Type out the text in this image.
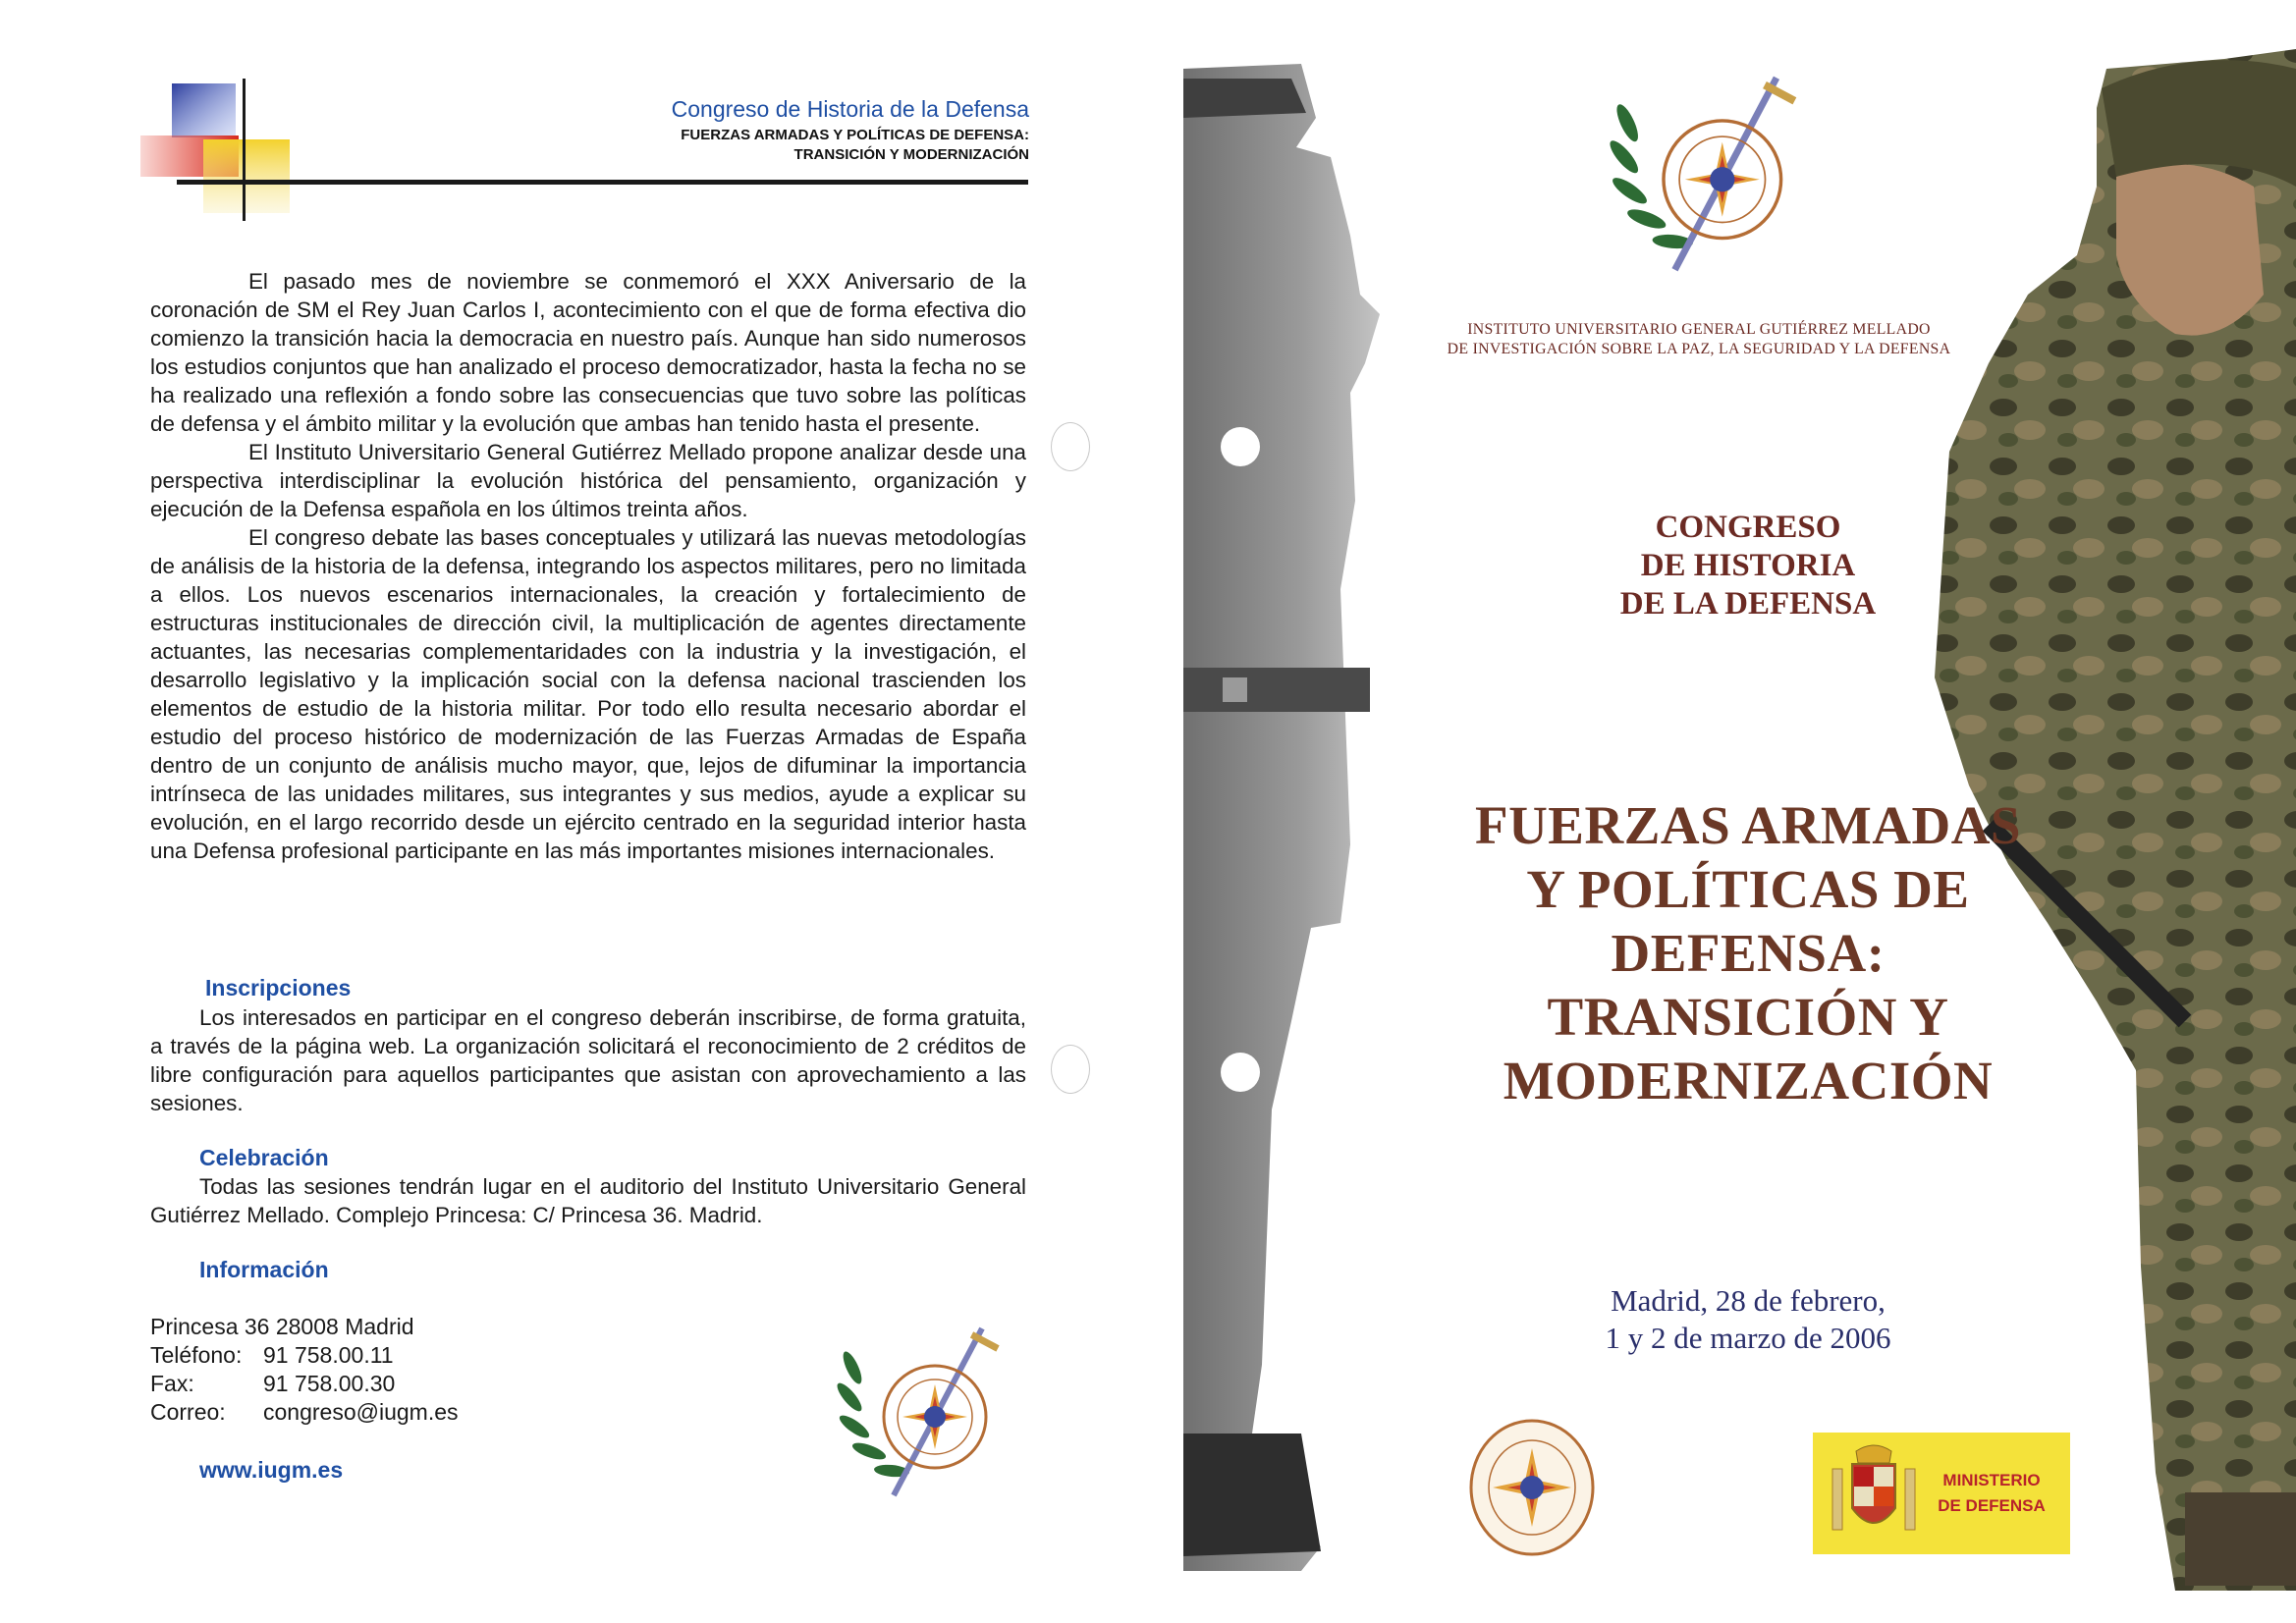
Congreso de Historia de la Defensa
FUERZAS ARMADAS Y POLÍTICAS DE DEFENSA:
TRANSICIÓN Y MODERNIZACIÓN

El pasado mes de noviembre se conmemoró el XXX Aniversario de la coronación de SM el Rey Juan Carlos I, acontecimiento con el que de forma efectiva dio comienzo la transición hacia la democracia en nuestro país. Aunque han sido numerosos los estudios conjuntos que han analizado el proceso democratizador, hasta la fecha no se ha realizado una reflexión a fondo sobre las consecuencias que tuvo sobre las políticas de defensa y el ámbito militar y la evolución que ambas han tenido hasta el presente.

El Instituto Universitario General Gutiérrez Mellado propone analizar desde una perspectiva interdisciplinar la evolución histórica del pensamiento, organización y ejecución de la Defensa española en los últimos treinta años.

El congreso debate las bases conceptuales y utilizará las nuevas metodologías de análisis de la historia de la defensa, integrando los aspectos militares, pero no limitada a ellos. Los nuevos escenarios internacionales, la creación y fortalecimiento de estructuras institucionales de dirección civil, la multiplicación de agentes directamente actuantes, las necesarias complementaridades con la industria y la investigación, el desarrollo legislativo y la implicación social con la defensa nacional trascienden los elementos de estudio de la historia militar. Por todo ello resulta necesario abordar el estudio del proceso histórico de modernización de las Fuerzas Armadas de España dentro de un conjunto de análisis mucho mayor, que, lejos de difuminar la importancia intrínseca de las unidades militares, sus integrantes y sus medios, ayude a explicar su evolución, en el largo recorrido desde un ejército centrado en la seguridad interior hasta una Defensa profesional participante en las más importantes misiones internacionales.

Inscripciones
Los interesados en participar en el congreso deberán inscribirse, de forma gratuita, a través de la página web. La organización solicitará el reconocimiento de 2 créditos de libre configuración para aquellos participantes que asistan con aprovechamiento a las sesiones.
Celebración
Todas las sesiones tendrán lugar en el auditorio del Instituto Universitario General Gutiérrez Mellado. Complejo Princesa: C/ Princesa 36. Madrid.
Información
Princesa 36 28008 Madrid
Teléfono: 91 758.00.11
Fax:	91 758.00.30
Correo:	congreso@iugm.es
www.iugm.es
INSTITUTO UNIVERSITARIO GENERAL GUTIÉRREZ MELLADO
DE INVESTIGACIÓN SOBRE LA PAZ, LA SEGURIDAD Y LA DEFENSA
CONGRESO
DE HISTORIA
DE LA DEFENSA
FUERZAS ARMADAS
Y POLÍTICAS DE
DEFENSA:
TRANSICIÓN Y
MODERNIZACIÓN
Madrid, 28 de febrero,
1 y 2 de marzo de 2006
MINISTERIO
DE DEFENSA
